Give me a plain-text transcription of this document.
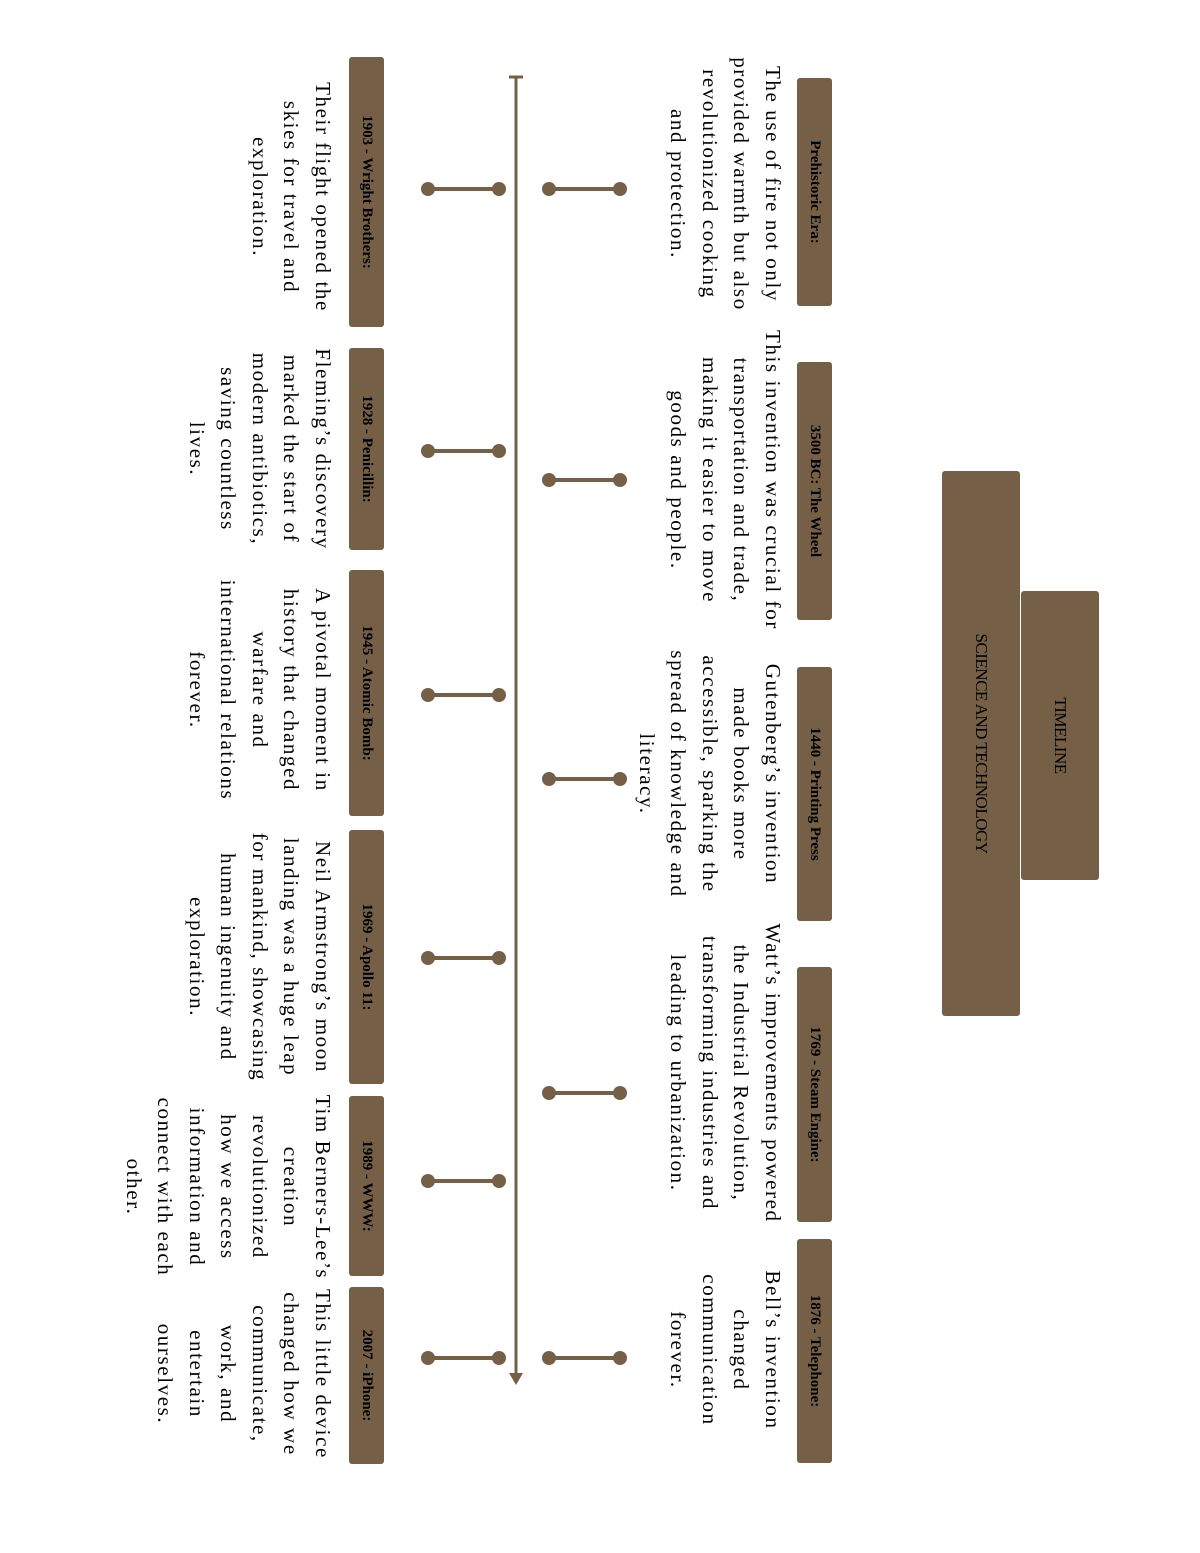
TIMELINE
SCIENCE AND TECHNOLOGY
Prehistoric Era:
3500 BC: The Wheel
1440 - Printing Press
1769 - Steam Engine:
1876 - Telephone:

The use of fire not only provided warmth but also revolutionized cooking and protection.

This invention was crucial for transportation and trade, making it easier to move goods and people.

Gutenberg’s invention made books more accessible, sparking the spread of knowledge and literacy.

Watt’s improvements powered the Industrial Revolution, transforming industries and leading to urbanization.

Bell’s invention changed communication forever.

1903 - Wright Brothers:
1928 - Penicillin:
1945 - Atomic Bomb:
1969 - Apollo 11:
1989 - WWW:
2007 - iPhone:

Their flight opened the skies for travel and exploration.

Fleming’s discovery marked the start of modern antibiotics, saving countless lives.

A pivotal moment in history that changed warfare and international relations forever.

Neil Armstrong’s moon landing was a huge leap for mankind, showcasing human ingenuity and exploration.

Tim Berners-Lee’s creation revolutionized how we access information and connect with each other.

This little device changed how we communicate, work, and entertain ourselves.
